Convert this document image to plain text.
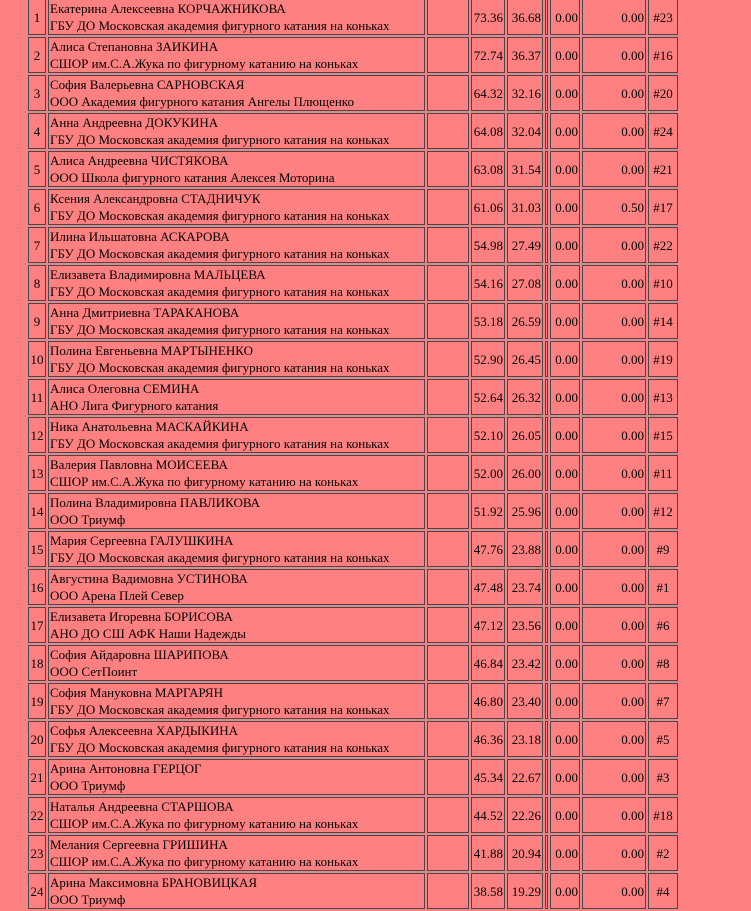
1	Екатерина Алексеевна КОРЧАЖНИКОВА
ГБУ ДО Московская академия фигурного катания на коньках		73.36	36.68		0.00	0.00	#23
2	Алиса Степановна ЗАИКИНА
СШОР им.С.А.Жука по фигурному катанию на коньках		72.74	36.37		0.00	0.00	#16
3	София Валерьевна САРНОВСКАЯ
ООО Академия фигурного катания Ангелы Плющенко		64.32	32.16		0.00	0.00	#20
4	Анна Андреевна ДОКУКИНА
ГБУ ДО Московская академия фигурного катания на коньках		64.08	32.04		0.00	0.00	#24
5	Алиса Андреевна ЧИСТЯКОВА
ООО Школа фигурного катания Алексея Моторина		63.08	31.54		0.00	0.00	#21
6	Ксения Александровна СТАДНИЧУК
ГБУ ДО Московская академия фигурного катания на коньках		61.06	31.03		0.00	0.50	#17
7	Илина Ильшатовна АСКАРОВА
ГБУ ДО Московская академия фигурного катания на коньках		54.98	27.49		0.00	0.00	#22
8	Елизавета Владимировна МАЛЬЦЕВА
ГБУ ДО Московская академия фигурного катания на коньках		54.16	27.08		0.00	0.00	#10
9	Анна Дмитриевна ТАРАКАНОВА
ГБУ ДО Московская академия фигурного катания на коньках		53.18	26.59		0.00	0.00	#14
10	Полина Евгеньевна МАРТЫНЕНКО
ГБУ ДО Московская академия фигурного катания на коньках		52.90	26.45		0.00	0.00	#19
11	Алиса Олеговна СЕМИНА
АНО Лига Фигурного катания		52.64	26.32		0.00	0.00	#13
12	Ника Анатольевна МАСКАЙКИНА
ГБУ ДО Московская академия фигурного катания на коньках		52.10	26.05		0.00	0.00	#15
13	Валерия Павловна МОИСЕЕВА
СШОР им.С.А.Жука по фигурному катанию на коньках		52.00	26.00		0.00	0.00	#11
14	Полина Владимировна ПАВЛИКОВА
ООО Триумф		51.92	25.96		0.00	0.00	#12
15	Мария Сергеевна ГАЛУШКИНА
ГБУ ДО Московская академия фигурного катания на коньках		47.76	23.88		0.00	0.00	#9
16	Августина Вадимовна УСТИНОВА
ООО Арена Плей Север		47.48	23.74		0.00	0.00	#1
17	Елизавета Игоревна БОРИСОВА
АНО ДО СШ АФК Наши Надежды		47.12	23.56		0.00	0.00	#6
18	София Айдаровна ШАРИПОВА
ООО СетПоинт		46.84	23.42		0.00	0.00	#8
19	София Мануковна МАРГАРЯН
ГБУ ДО Московская академия фигурного катания на коньках		46.80	23.40		0.00	0.00	#7
20	Софья Алексеевна ХАРДЫКИНА
ГБУ ДО Московская академия фигурного катания на коньках		46.36	23.18		0.00	0.00	#5
21	Арина Антоновна ГЕРЦОГ
ООО Триумф		45.34	22.67		0.00	0.00	#3
22	Наталья Андреевна СТАРШОВА
СШОР им.С.А.Жука по фигурному катанию на коньках		44.52	22.26		0.00	0.00	#18
23	Мелания Сергеевна ГРИШИНА
СШОР им.С.А.Жука по фигурному катанию на коньках		41.88	20.94		0.00	0.00	#2
24	Арина Максимовна БРАНОВИЦКАЯ
ООО Триумф		38.58	19.29		0.00	0.00	#4
